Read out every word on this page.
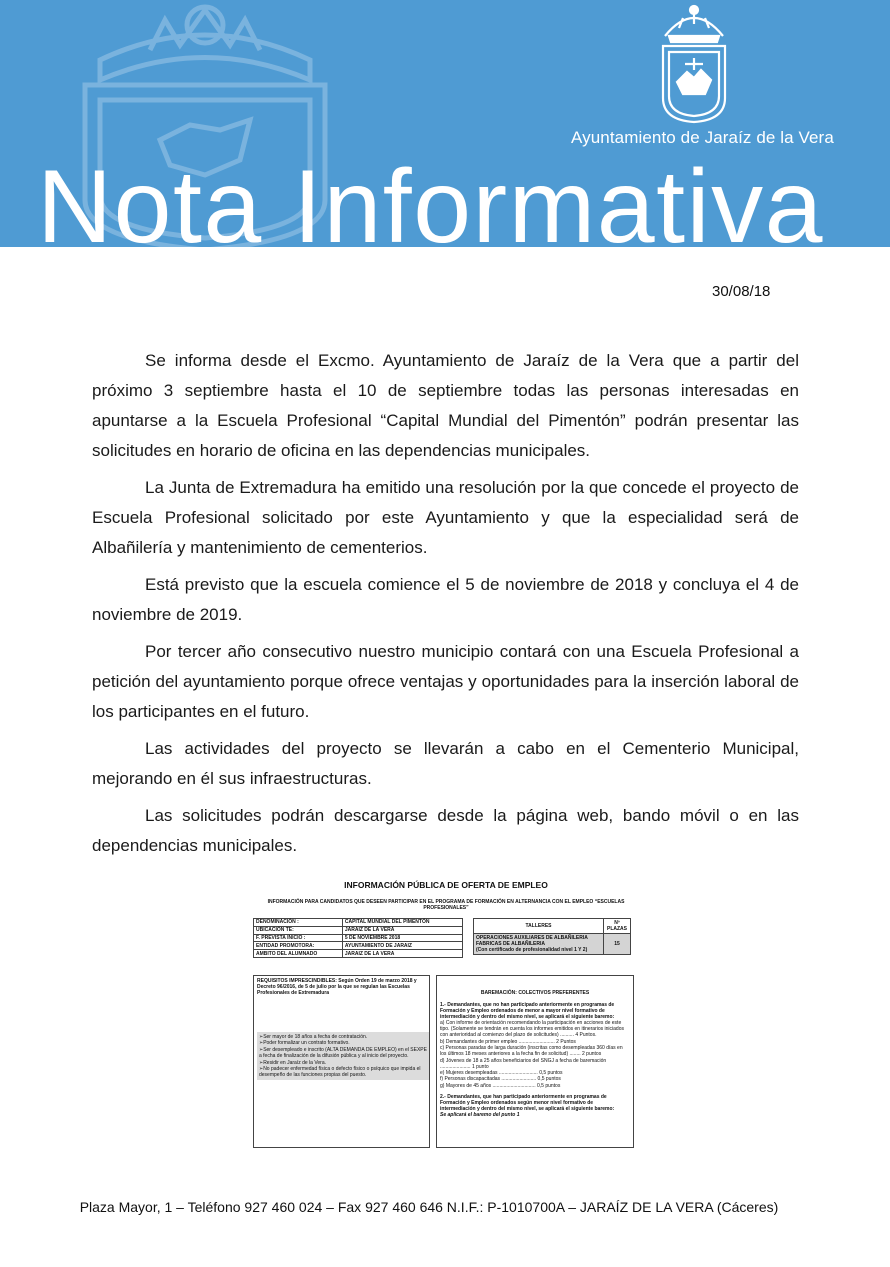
Ayuntamiento de Jaraíz de la Vera
Nota Informativa
30/08/18

Se informa desde el Excmo. Ayuntamiento de Jaraíz de la Vera que a partir del próximo 3 septiembre hasta el 10 de septiembre todas las personas interesadas en apuntarse a la Escuela Profesional “Capital Mundial del Pimentón” podrán presentar las solicitudes en horario de oficina en las dependencias municipales.

La Junta de Extremadura ha emitido una resolución por la que concede el proyecto de Escuela Profesional solicitado por este Ayuntamiento y que la especialidad será de Albañilería y mantenimiento de cementerios.

Está previsto que la escuela comience el 5 de noviembre de 2018 y concluya el 4 de noviembre de 2019.

Por tercer año consecutivo nuestro municipio contará con una Escuela Profesional a petición del ayuntamiento porque ofrece ventajas y oportunidades para la inserción laboral de los participantes en el futuro.

Las actividades del proyecto se llevarán a cabo en el Cementerio Municipal, mejorando en él sus infraestructuras.

Las solicitudes podrán descargarse desde la página web, bando móvil o en las dependencias municipales.

INFORMACIÓN PÚBLICA DE OFERTA DE EMPLEO
INFORMACIÓN PARA CANDIDATOS QUE DESEEN PARTICIPAR EN EL PROGRAMA DE FORMACIÓN EN ALTERNANCIA CON EL EMPLEO “ESCUELAS PROFESIONALES”
DENOMINACIÓN :	CAPITAL MUNDIAL DEL PIMENTÓN
UBICACIÓN TE:	JARAIZ DE LA VERA
F. PREVISTA INICIO :	5 DE NOVIEMBRE 2018
ENTIDAD PROMOTORA:	AYUNTAMIENTO DE JARAIZ
AMBITO DEL ALUMNADO	JARAIZ DE LA VERA
TALLERES	Nº PLAZAS

OPERACIONES AUXILIARES DE ALBAÑILERIA FABRICAS DE ALBAÑILERIA
(Con certificado de profesionalidad nivel 1 Y 2)	15
REQUISITOS IMPRESCINDIBLES: Según Orden 19 de marzo 2018 y Decreto 96/2016, de 5 de julio por la que se regulan las Escuelas Profesionales de Extremadura
➢Ser mayor de 18 años a fecha de contratación.
➢Poder formalizar un contrato formativo.
➢Ser desempleado e inscrito (ALTA DEMANDA DE EMPLEO) en el SEXPE a fecha de finalización de la difusión pública y al inicio del proyecto.
➢Residir en Jaraíz de la Vera.
➢No padecer enfermedad física o defecto físico o psíquico que impida el desempeño de las funciones propias del puesto.
BAREMACIÓN: COLECTIVOS PREFERENTES
1.- Demandantes, que no han participado anteriormente en programas de Formación y Empleo ordenados de menor a mayor nivel formativo de intermediación y dentro del mismo nivel, se aplicará el siguiente baremo:
a) Con informe de orientación recomendando la participación en acciones de este tipo. (Solamente se tendrán en cuenta los informes emitidos en itinerarios iniciados con anterioridad al comienzo del plazo de solicitudes) .......... 4 Puntos.
b) Demandantes de primer empleo .......................... 2 Puntos
c) Personas paradas de larga duración (inscritas como desempleadas 360 días en los últimos 18 meses anteriores a la fecha fin de solicitud) ........ 2 puntos
d) Jóvenes de 18 a 25 años beneficiarios del SNGJ a fecha de baremación ...................... 1 punto
e) Mujeres desempleadas ............................ 0,5 puntos
f) Personas discapacitadas ......................... 0,5 puntos
g) Mayores de 45 años ............................... 0,5 puntos
2.- Demandantes, que han participado anteriormente en programas de Formación y Empleo ordenados según menor nivel formativo de intermediación y dentro del mismo nivel, se aplicará el siguiente baremo:
Se aplicará el baremo del punto 1
Plaza Mayor, 1 – Teléfono 927 460 024 – Fax 927 460 646 N.I.F.: P-1010700A – JARAÍZ DE LA VERA (Cáceres)
